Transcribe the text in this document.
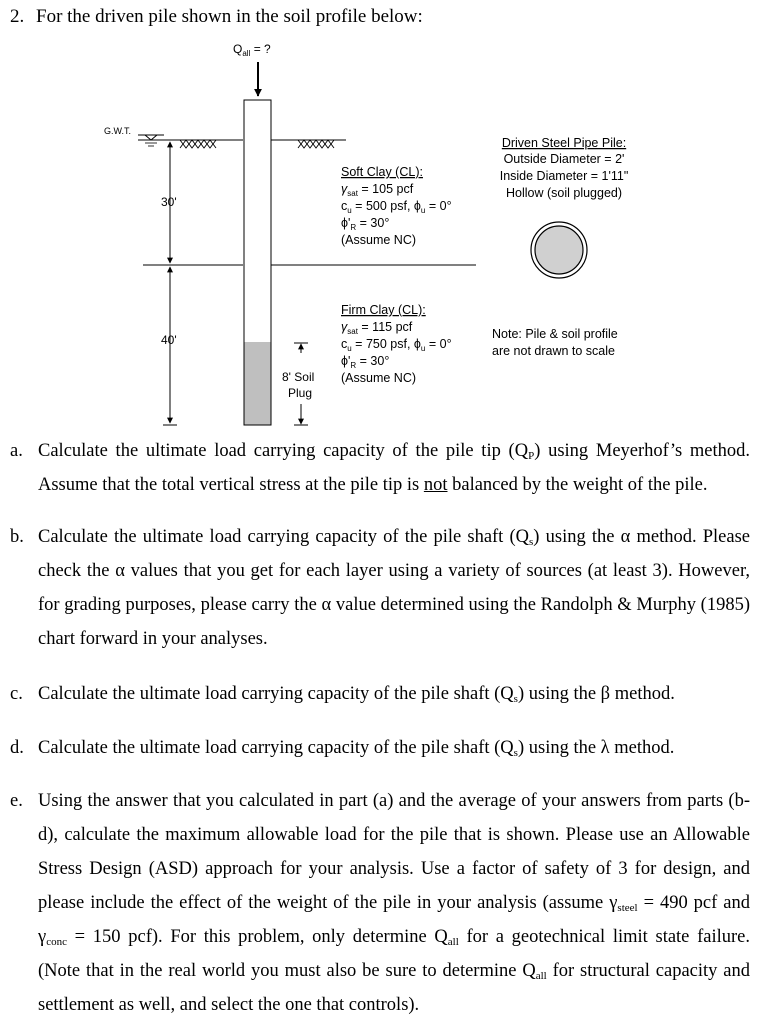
2. For the driven pile shown in the soil profile below:
$Q_{all}$ = ?
G.W.T.
30'
40'
8' Soil
Plug
Soft Clay (CL):
$\gamma_{sat} = 105$ pcf
$c_u = 500$ psf, $\phi_u = 0^\circ$
$\phi'_R = 30^\circ$
(Assume NC)
Firm Clay (CL):
$\gamma_{sat} = 115$ pcf
$c_u = 750$ psf, $\phi_u = 0^\circ$
$\phi'_R = 30^\circ$
(Assume NC)
Driven Steel Pipe Pile:
Outside Diameter = 2'
Inside Diameter = 1'11"
Hollow (soil plugged)
Note: Pile & soil profile
are not drawn to scale
a. Calculate the ultimate load carrying capacity of the pile tip $(Q_P)$ using Meyerhof’s method. Assume that the total vertical stress at the pile tip is not balanced by the weight of the pile.
b. Calculate the ultimate load carrying capacity of the pile shaft $(Q_s)$ using the α method. Please check the α values that you get for each layer using a variety of sources (at least 3). However, for grading purposes, please carry the α value determined using the Randolph & Murphy (1985) chart forward in your analyses.
c. Calculate the ultimate load carrying capacity of the pile shaft $(Q_s)$ using the β method.
d. Calculate the ultimate load carrying capacity of the pile shaft $(Q_s)$ using the λ method.
e. Using the answer that you calculated in part (a) and the average of your answers from parts (b-d), calculate the maximum allowable load for the pile that is shown. Please use an Allowable Stress Design (ASD) approach for your analysis. Use a factor of safety of 3 for design, and please include the effect of the weight of the pile in your analysis (assume $\gamma_{steel} = 490$ pcf and $\gamma_{conc} = 150$ pcf). For this problem, only determine $Q_{all}$ for a geotechnical limit state failure. (Note that in the real world you must also be sure to determine $Q_{all}$ for structural capacity and settlement as well, and select the one that controls).
